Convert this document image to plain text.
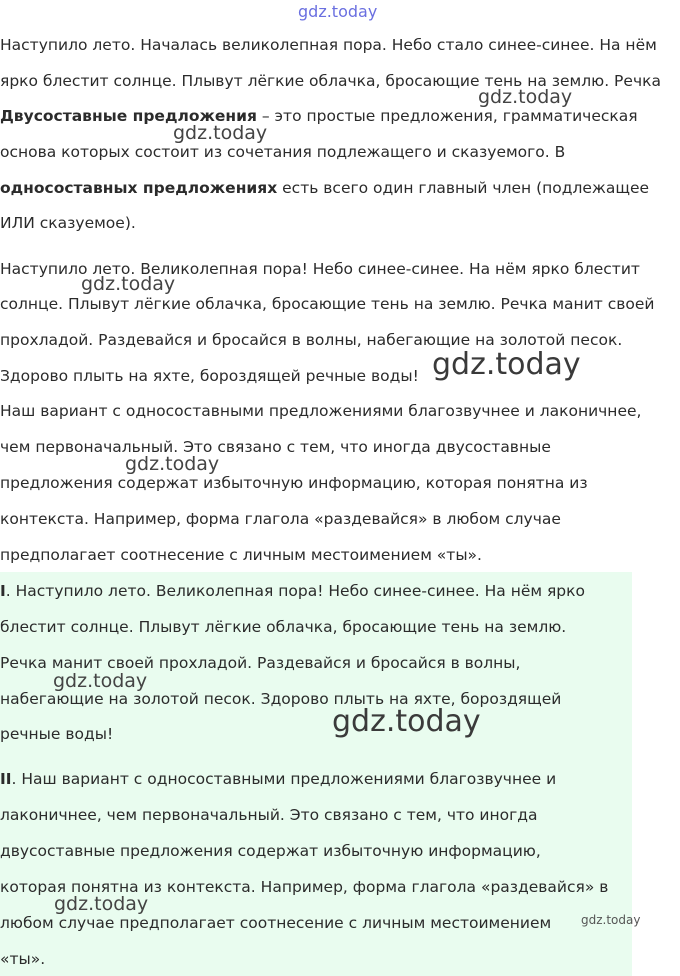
gdz.today
Наступило лето. Началась великолепная пора. Небо стало синее-синее. На нём
ярко блестит солнце. Плывут лёгкие облачка, бросающие тень на землю. Речка
Двусоставные предложения – это простые предложения, грамматическая
основа которых состоит из сочетания подлежащего и сказуемого. В
односоставных предложениях есть всего один главный член (подлежащее
ИЛИ сказуемое).
Наступило лето. Великолепная пора! Небо синее-синее. На нём ярко блестит
солнце. Плывут лёгкие облачка, бросающие тень на землю. Речка манит своей
прохладой. Раздевайся и бросайся в волны, набегающие на золотой песок.
Здорово плыть на яхте, бороздящей речные воды!
Наш вариант с односоставными предложениями благозвучнее и лаконичнее,
чем первоначальный. Это связано с тем, что иногда двусоставные
предложения содержат избыточную информацию, которая понятна из
контекста. Например, форма глагола «раздевайся» в любом случае
предполагает соотнесение с личным местоимением «ты».
I. Наступило лето. Великолепная пора! Небо синее-синее. На нём ярко
блестит солнце. Плывут лёгкие облачка, бросающие тень на землю.
Речка манит своей прохладой. Раздевайся и бросайся в волны,
набегающие на золотой песок. Здорово плыть на яхте, бороздящей
речные воды!
II. Наш вариант с односоставными предложениями благозвучнее и
лаконичнее, чем первоначальный. Это связано с тем, что иногда
двусоставные предложения содержат избыточную информацию,
которая понятна из контекста. Например, форма глагола «раздевайся» в
любом случае предполагает соотнесение с личным местоимением
«ты».
gdz.today
gdz.today
gdz.today
gdz.today
gdz.today
gdz.today
gdz.today
gdz.today
gdz.today
